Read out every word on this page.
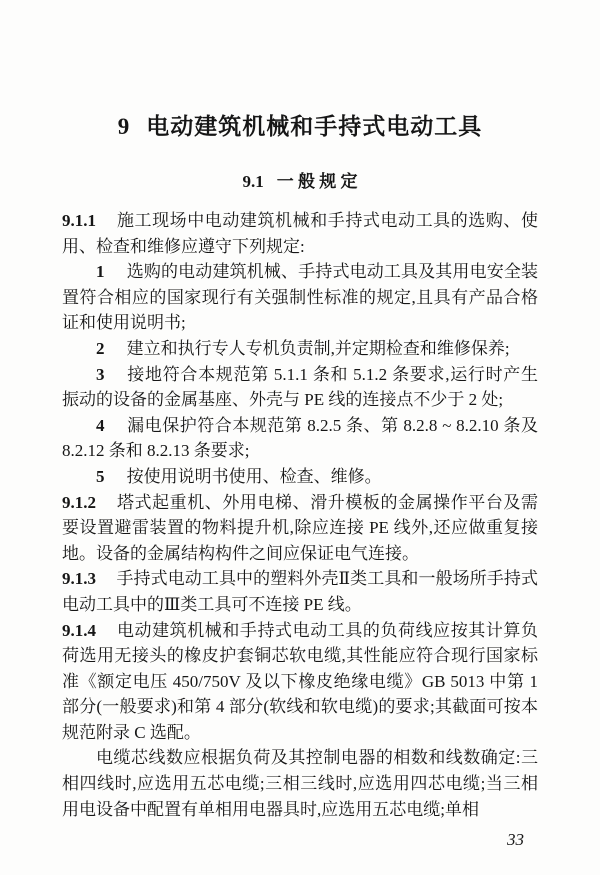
9 电动建筑机械和手持式电动工具
9.1 一 般 规 定

9.1.1 施工现场中电动建筑机械和手持式电动工具的选购、使用、检查和维修应遵守下列规定:

1 选购的电动建筑机械、手持式电动工具及其用电安全装置符合相应的国家现行有关强制性标准的规定,且具有产品合格证和使用说明书;

2 建立和执行专人专机负责制,并定期检查和维修保养;

3 接地符合本规范第 5.1.1 条和 5.1.2 条要求,运行时产生振动的设备的金属基座、外壳与 PE 线的连接点不少于 2 处;

4 漏电保护符合本规范第 8.2.5 条、第 8.2.8 ~ 8.2.10 条及 8.2.12 条和 8.2.13 条要求;

5 按使用说明书使用、检查、维修。

9.1.2 塔式起重机、外用电梯、滑升模板的金属操作平台及需要设置避雷装置的物料提升机,除应连接 PE 线外,还应做重复接地。设备的金属结构构件之间应保证电气连接。

9.1.3 手持式电动工具中的塑料外壳Ⅱ类工具和一般场所手持式电动工具中的Ⅲ类工具可不连接 PE 线。

9.1.4 电动建筑机械和手持式电动工具的负荷线应按其计算负荷选用无接头的橡皮护套铜芯软电缆,其性能应符合现行国家标准《额定电压 450/750V 及以下橡皮绝缘电缆》GB 5013 中第 1 部分(一般要求)和第 4 部分(软线和软电缆)的要求;其截面可按本规范附录 C 选配。

电缆芯线数应根据负荷及其控制电器的相数和线数确定:三相四线时,应选用五芯电缆;三相三线时,应选用四芯电缆;当三相用电设备中配置有单相用电器具时,应选用五芯电缆;单相

33
